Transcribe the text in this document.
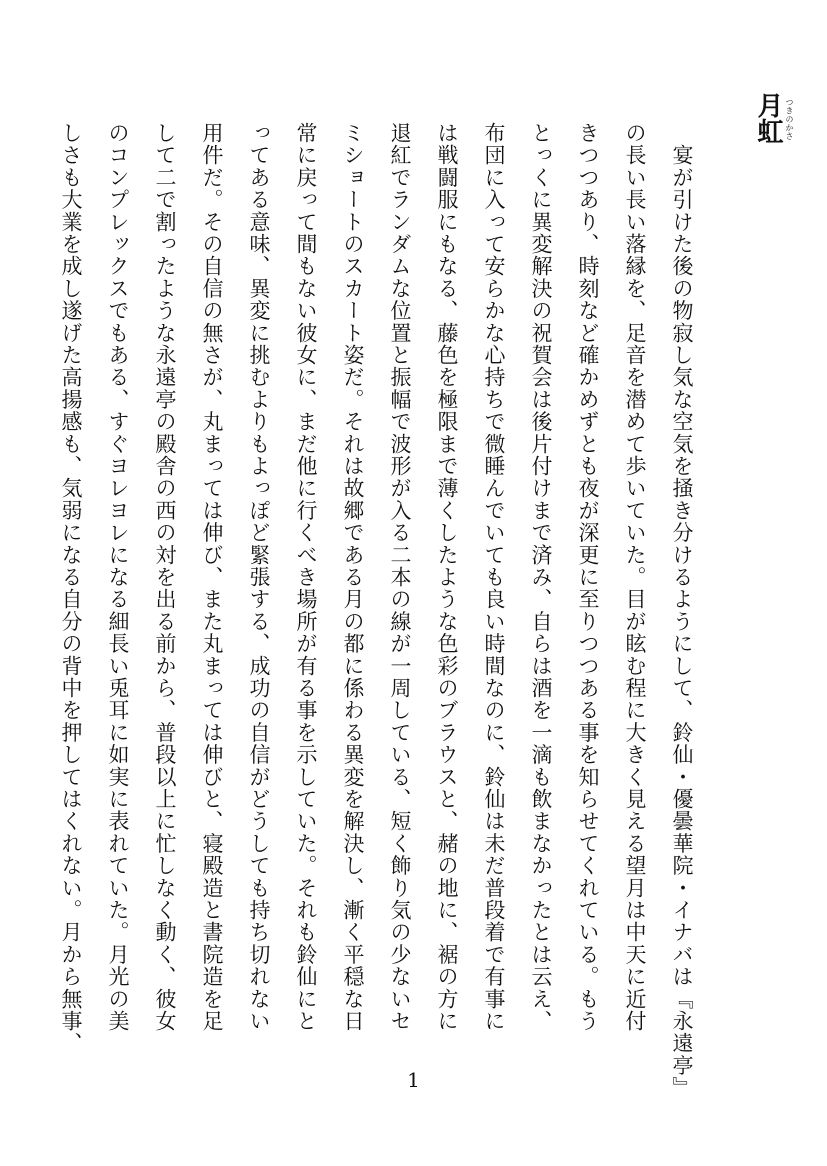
月虹 つきのかさ
　宴が引けた後の物寂し気な空気を掻き分けるようにして、鈴仙・優曇華院・イナバは『永遠亭』
の長い長い落縁を、足音を潜めて歩いていた。目が眩む程に大きく見える望月は中天に近付
きつつあり、時刻など確かめずとも夜が深更に至りつつある事を知らせてくれている。もう
とっくに異変解決の祝賀会は後片付けまで済み、自らは酒を一滴も飲まなかったとは云え、
布団に入って安らかな心持ちで微睡んでいても良い時間なのに、鈴仙は未だ普段着で有事に
は戦闘服にもなる、藤色を極限まで薄くしたような色彩のブラウスと、赭の地に、裾の方に
退紅でランダムな位置と振幅で波形が入る二本の線が一周している、短く飾り気の少ないセ
ミショートのスカート姿だ。それは故郷である月の都に係わる異変を解決し、漸く平穏な日
常に戻って間もない彼女に、まだ他に行くべき場所が有る事を示していた。それも鈴仙にと
ってある意味、異変に挑むよりもよっぽど緊張する、成功の自信がどうしても持ち切れない
用件だ。その自信の無さが、丸まっては伸び、また丸まっては伸びと、寝殿造と書院造を足
して二で割ったような永遠亭の殿舎の西の対を出る前から、普段以上に忙しなく動く、彼女
のコンプレックスでもある、すぐヨレヨレになる細長い兎耳に如実に表れていた。月光の美
しさも大業を成し遂げた高揚感も、気弱になる自分の背中を押してはくれない。月から無事、
1
